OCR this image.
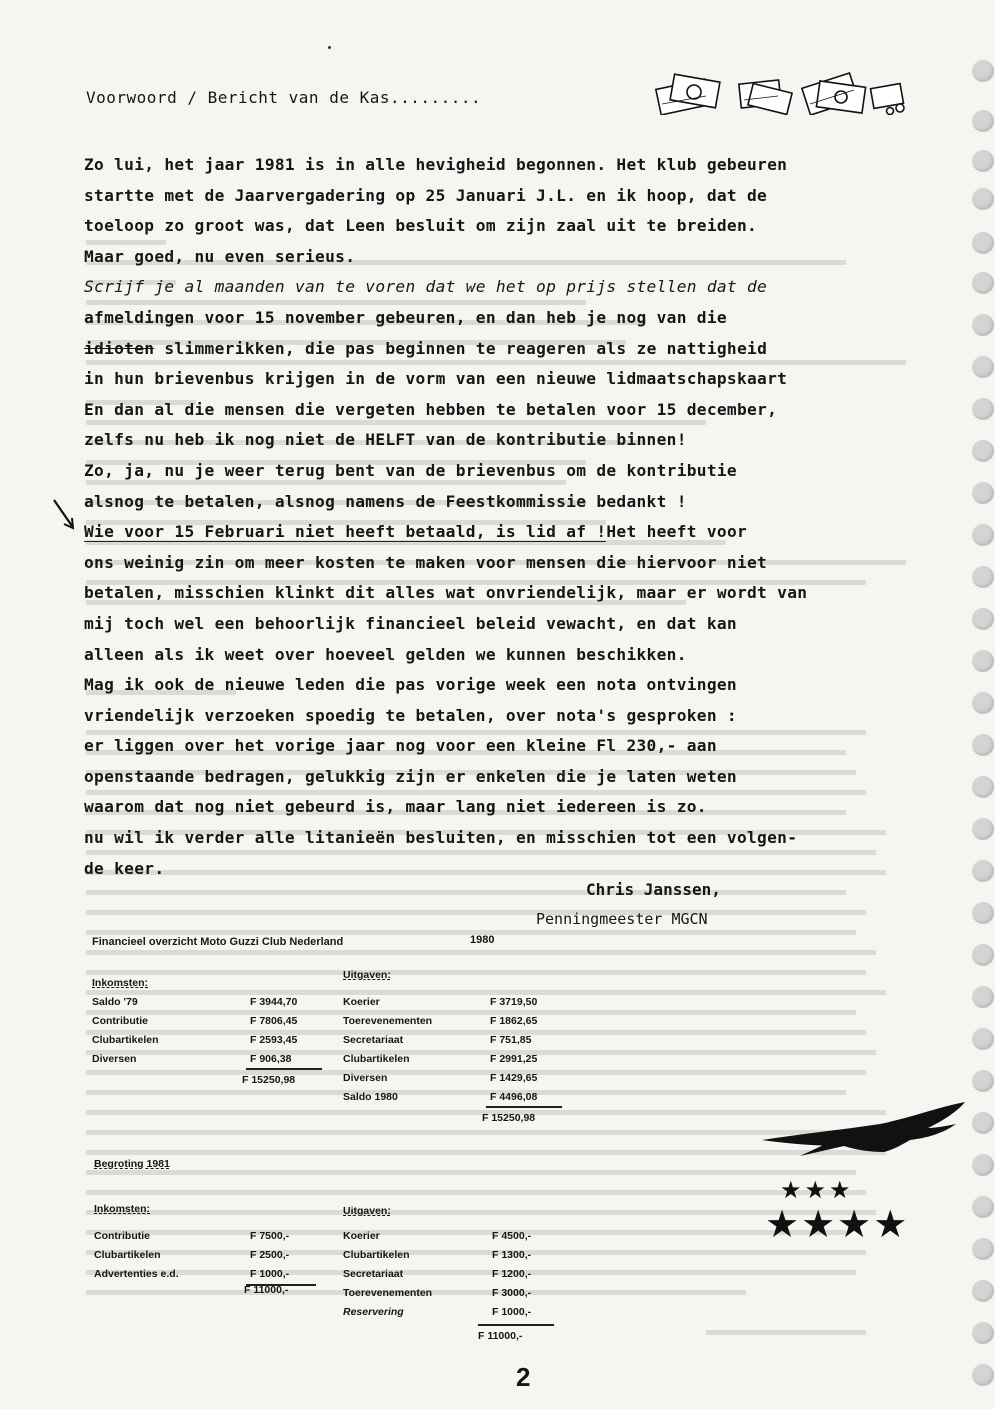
Voorwoord / Bericht van de Kas.........

Zo lui, het jaar 1981 is in alle hevigheid begonnen. Het klub gebeuren

startte met de Jaarvergadering op 25 Januari J.L. en ik hoop, dat de

toeloop zo groot was, dat Leen besluit om zijn zaal uit te breiden.

Maar goed, nu even serieus.

Scrijf je al maanden van te voren dat we het op prijs stellen dat de

afmeldingen voor 15 november gebeuren, en dan heb je nog van die

idioten slimmerikken, die pas beginnen te reageren als ze nattigheid

in hun brievenbus krijgen in de vorm van een nieuwe lidmaatschapskaart

En dan al die mensen die vergeten hebben te betalen voor 15 december,

zelfs nu heb ik nog niet de HELFT van de kontributie binnen!

Zo, ja, nu je weer terug bent van de brievenbus om de kontributie

alsnog te betalen, alsnog namens de Feestkommissie bedankt !

Wie voor 15 Februari niet heeft betaald, is lid af !Het heeft voor

ons weinig zin om meer kosten te maken voor mensen die hiervoor niet

betalen, misschien klinkt dit alles wat onvriendelijk, maar er wordt van

mij toch wel een behoorlijk financieel beleid vewacht, en dat kan

alleen als ik weet over hoeveel gelden we kunnen beschikken.

Mag ik ook de nieuwe leden die pas vorige week een nota ontvingen

vriendelijk verzoeken spoedig te betalen, over nota's gesproken :

er liggen over het vorige jaar nog voor een kleine Fl 230,- aan

openstaande bedragen, gelukkig zijn er enkelen die je laten weten

waarom dat nog niet gebeurd is, maar lang niet iedereen is zo.

nu wil ik verder alle litanieën besluiten, en misschien tot een volgen-

de keer.

Chris Janssen,
Penningmeester MGCN
Financieel overzicht Moto Guzzi Club Nederland	1980
Inkomsten:
Saldo '79
Contributie
Clubartikelen
Diversen
F 3944,70
F 7806,45
F 2593,45
F 906,38
F 15250,98
Uitgaven:
Koerier
Toerevenementen
Secretariaat
Clubartikelen
Diversen
Saldo 1980
F 3719,50
F 1862,65
F 751,85
F 2991,25
F 1429,65
F 4496,08
F 15250,98
★★★
★★★★
Begroting 1981
Inkomsten:
Contributie
Clubartikelen
Advertenties e.d.
F 7500,-
F 2500,-
F 1000,-
F 11000,-
Uitgaven:
Koerier
Clubartikelen
Secretariaat
Toerevenementen
Reservering
F 4500,-
F 1300,-
F 1200,-
F 3000,-
F 1000,-
F 11000,-
2
